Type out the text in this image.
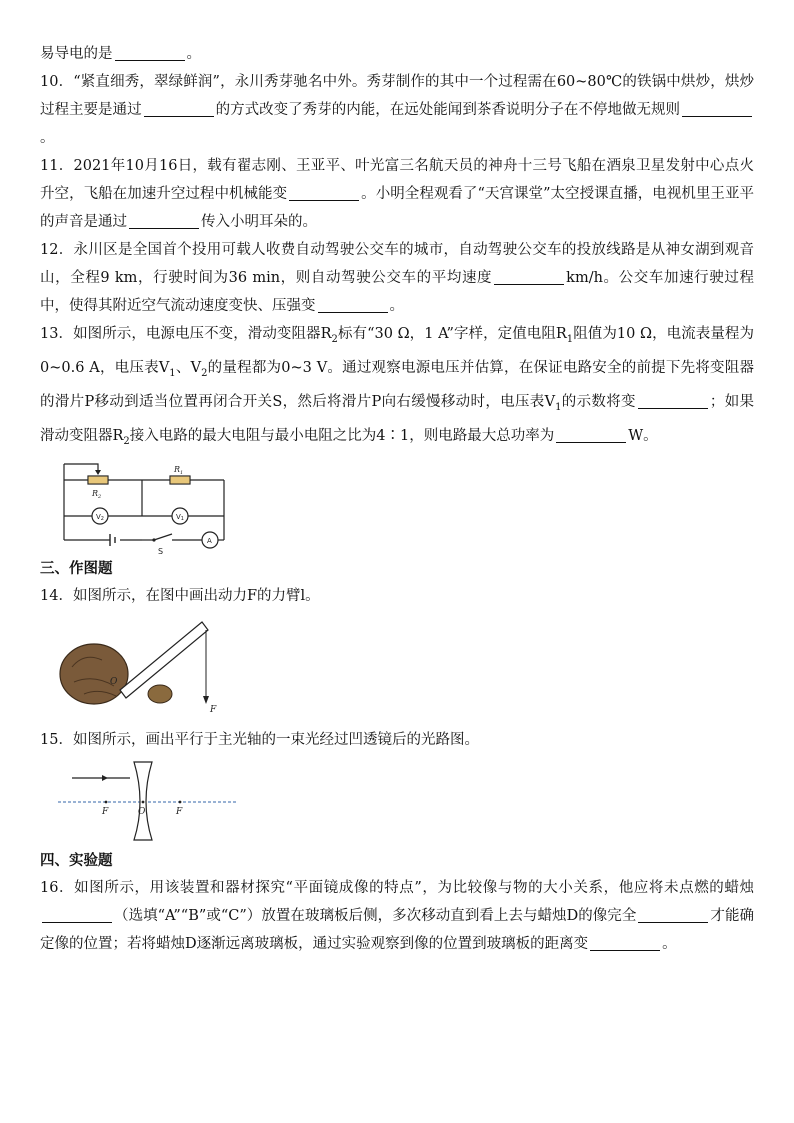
易导电的是	。

10．“紧直细秀，翠绿鲜润”，永川秀芽驰名中外。秀芽制作的其中一个过程需在60~80℃的铁锅中烘炒，烘炒过程主要是通过	的方式改变了秀芽的内能，在远处能闻到茶香说明分子在不停地做无规则。

11．2021年10月16日，载有翟志刚、王亚平、叶光富三名航天员的神舟十三号飞船在酒泉卫星发射中心点火升空，飞船在加速升空过程中机械能变	。小明全程观看了“天宫课堂”太空授课直播，电视机里王亚平的声音是通过	传入小明耳朵的。

12．永川区是全国首个投用可载人收费自动驾驶公交车的城市，自动驾驶公交车的投放线路是从神女湖到观音山，全程9 km，行驶时间为36 min，则自动驾驶公交车的平均速度	km/h。公交车加速行驶过程中，使得其附近空气流动速度变快、压强变	。

13．如图所示，电源电压不变，滑动变阻器$R_2$标有“30 Ω，1 A”字样，定值电阻$R_1$阻值为10 Ω，电流表量程为0~0.6 A，电压表$V_1$、$V_2$的量程都为0~3 V。通过观察电源电压并估算，在保证电路安全的前提下先将变阻器的滑片P移动到适当位置再闭合开关S，然后将滑片P向右缓慢移动时，电压表$V_1$的示数将变	；如果滑动变阻器$R_2$接入电路的最大电阻与最小电阻之比为4∶1，则电路最大总功率为	W。

$R_2$
$R_1$
V2	V1
A
S

三、作图题

14．如图所示，在图中画出动力F的力臂l。

O
F

15．如图所示，画出平行于主光轴的一束光经过凹透镜后的光路图。

F	O	F

四、实验题

16．如图所示，用该装置和器材探究“平面镜成像的特点”，为比较像与物的大小关系，他应将未点燃的蜡烛（选填“A”“B”或“C”）放置在玻璃板后侧，多次移动直到看上去与蜡烛D的像完全	才能确定像的位置；若将蜡烛D逐渐远离玻璃板，通过实验观察到像的位置到玻璃板的距离变	。
